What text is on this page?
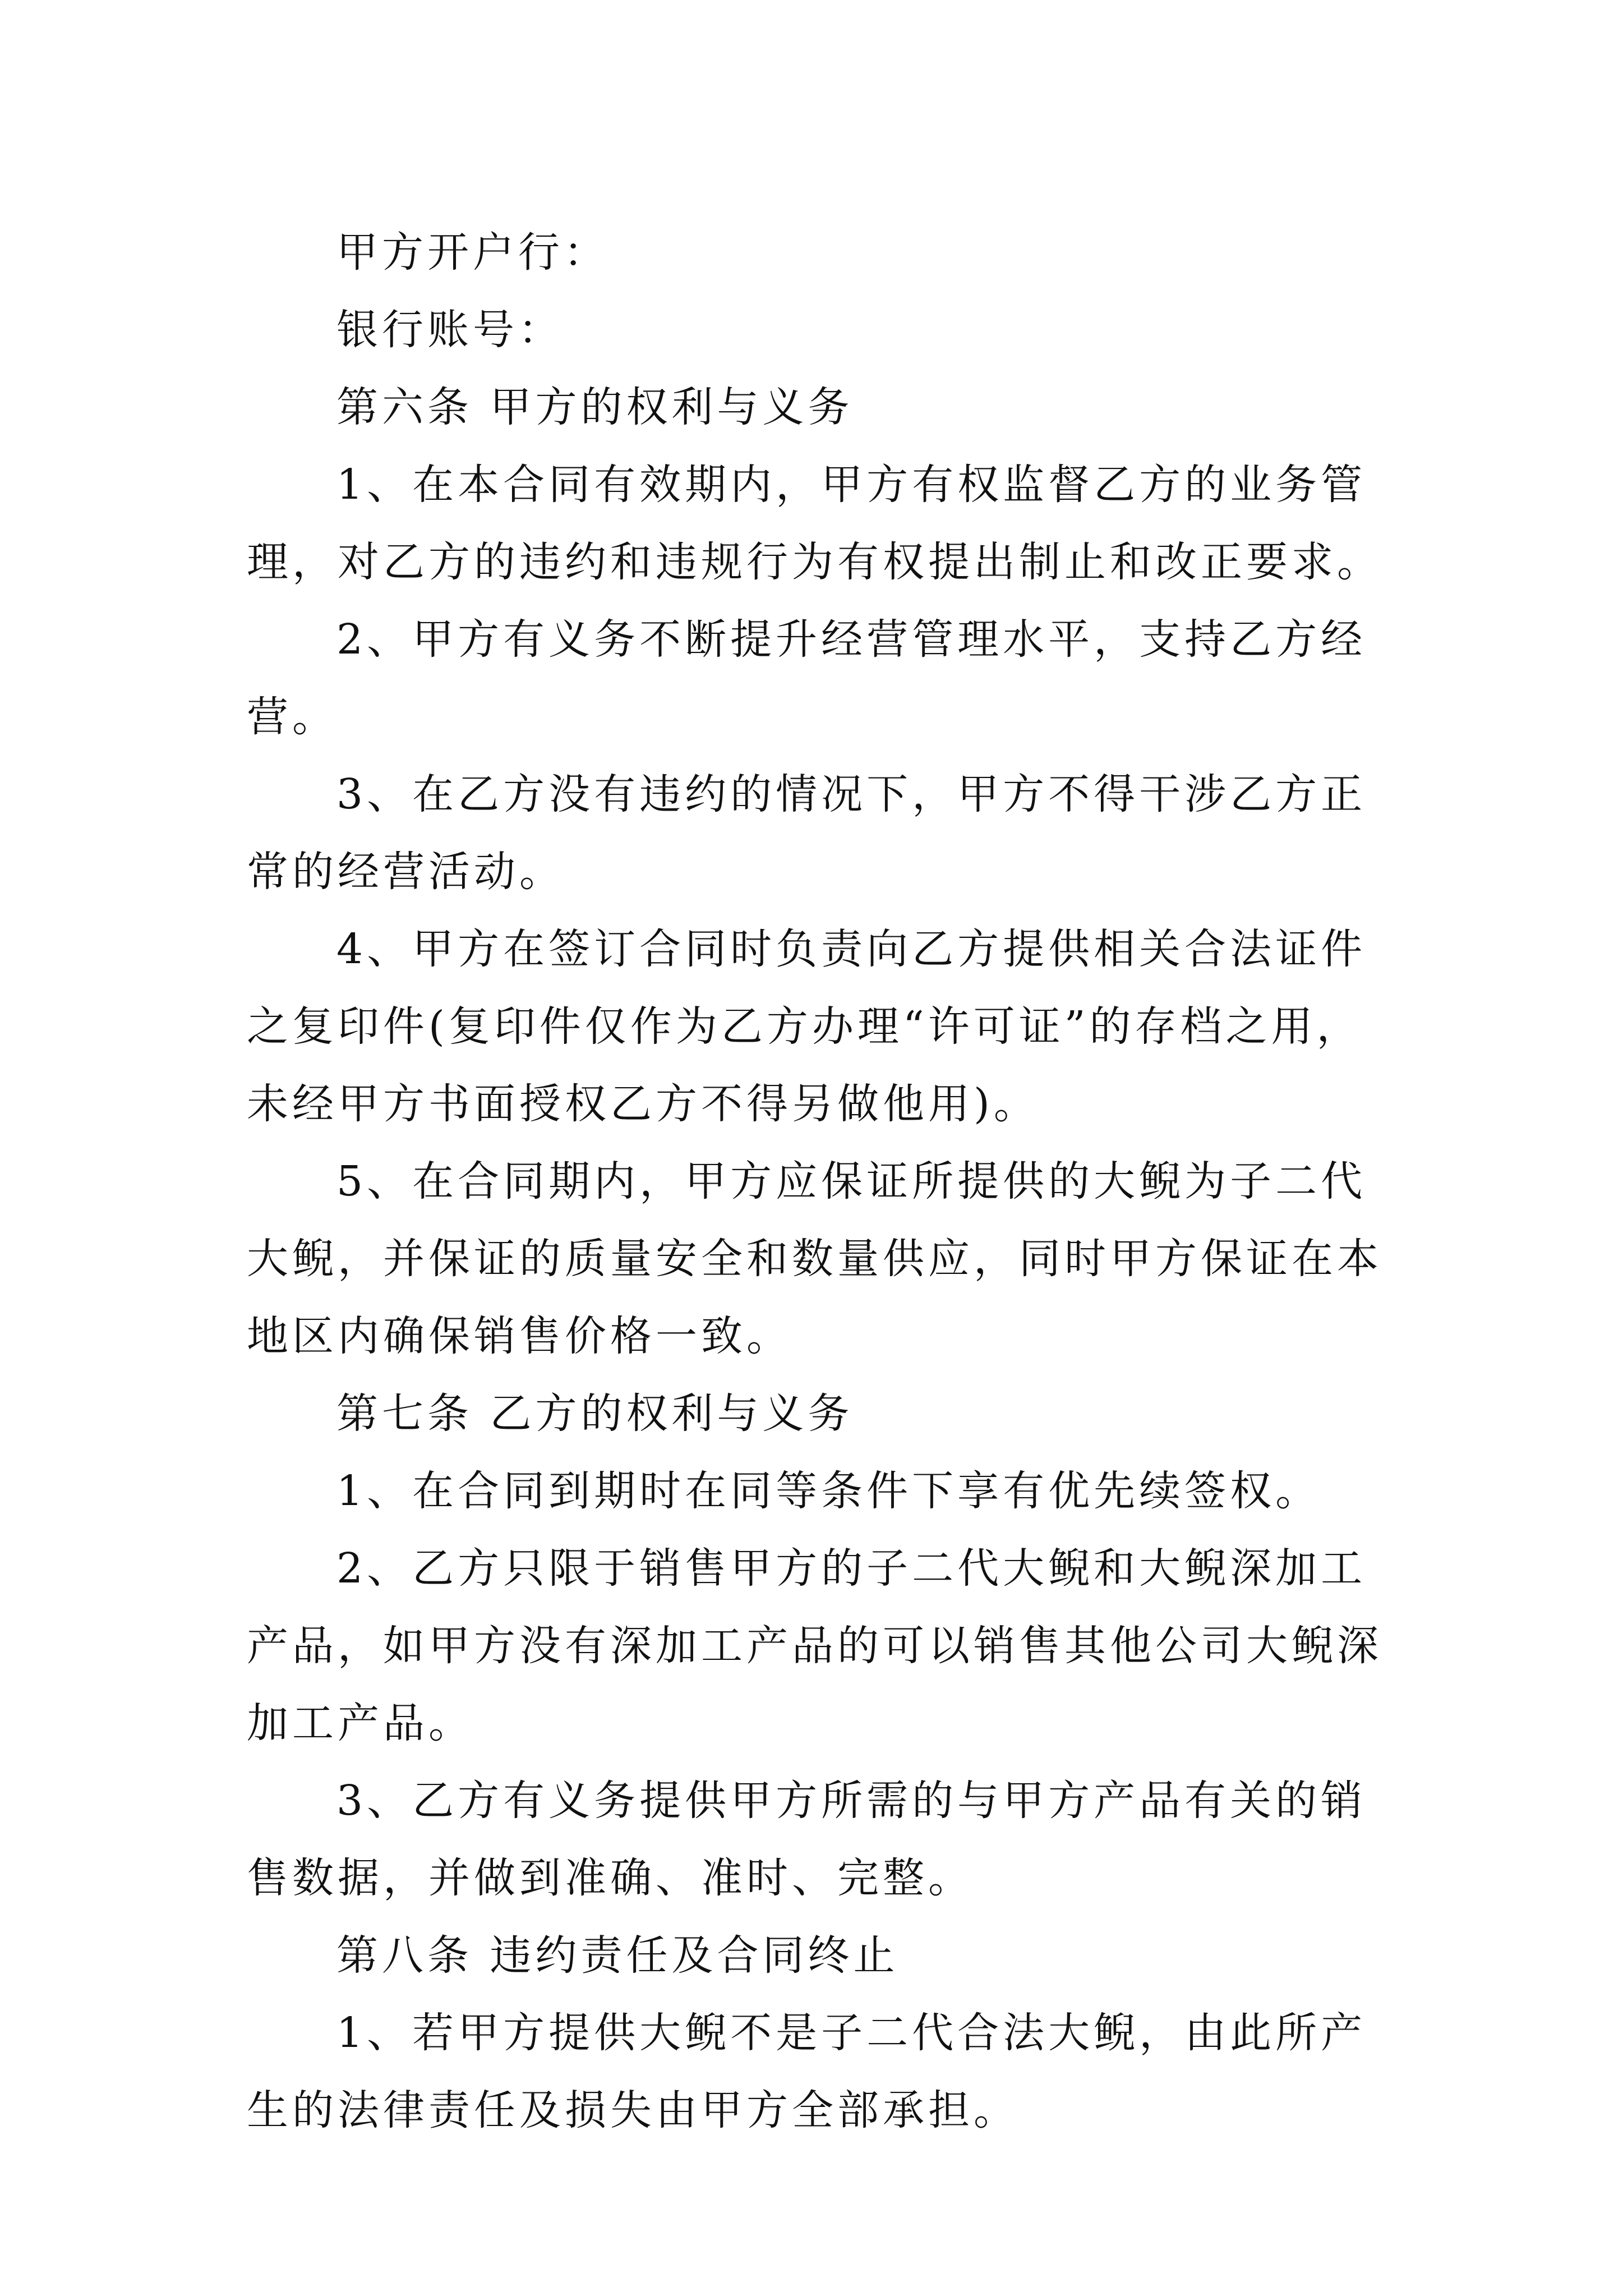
甲方开户行：

银行账号：

第六条 甲方的权利与义务

1、在本合同有效期内，甲方有权监督乙方的业务管理，对乙方的违约和违规行为有权提出制止和改正要求。

2、甲方有义务不断提升经营管理水平，支持乙方经营。

3、在乙方没有违约的情况下，甲方不得干涉乙方正常的经营活动。

4、甲方在签订合同时负责向乙方提供相关合法证件之复印件(复印件仅作为乙方办理“许可证”的存档之用，未经甲方书面授权乙方不得另做他用)。

5、在合同期内，甲方应保证所提供的大鲵为子二代大鲵，并保证的质量安全和数量供应，同时甲方保证在本地区内确保销售价格一致。

第七条 乙方的权利与义务

1、在合同到期时在同等条件下享有优先续签权。

2、乙方只限于销售甲方的子二代大鲵和大鲵深加工产品，如甲方没有深加工产品的可以销售其他公司大鲵深加工产品。

3、乙方有义务提供甲方所需的与甲方产品有关的销售数据，并做到准确、准时、完整。

第八条 违约责任及合同终止

1、若甲方提供大鲵不是子二代合法大鲵，由此所产生的法律责任及损失由甲方全部承担。
